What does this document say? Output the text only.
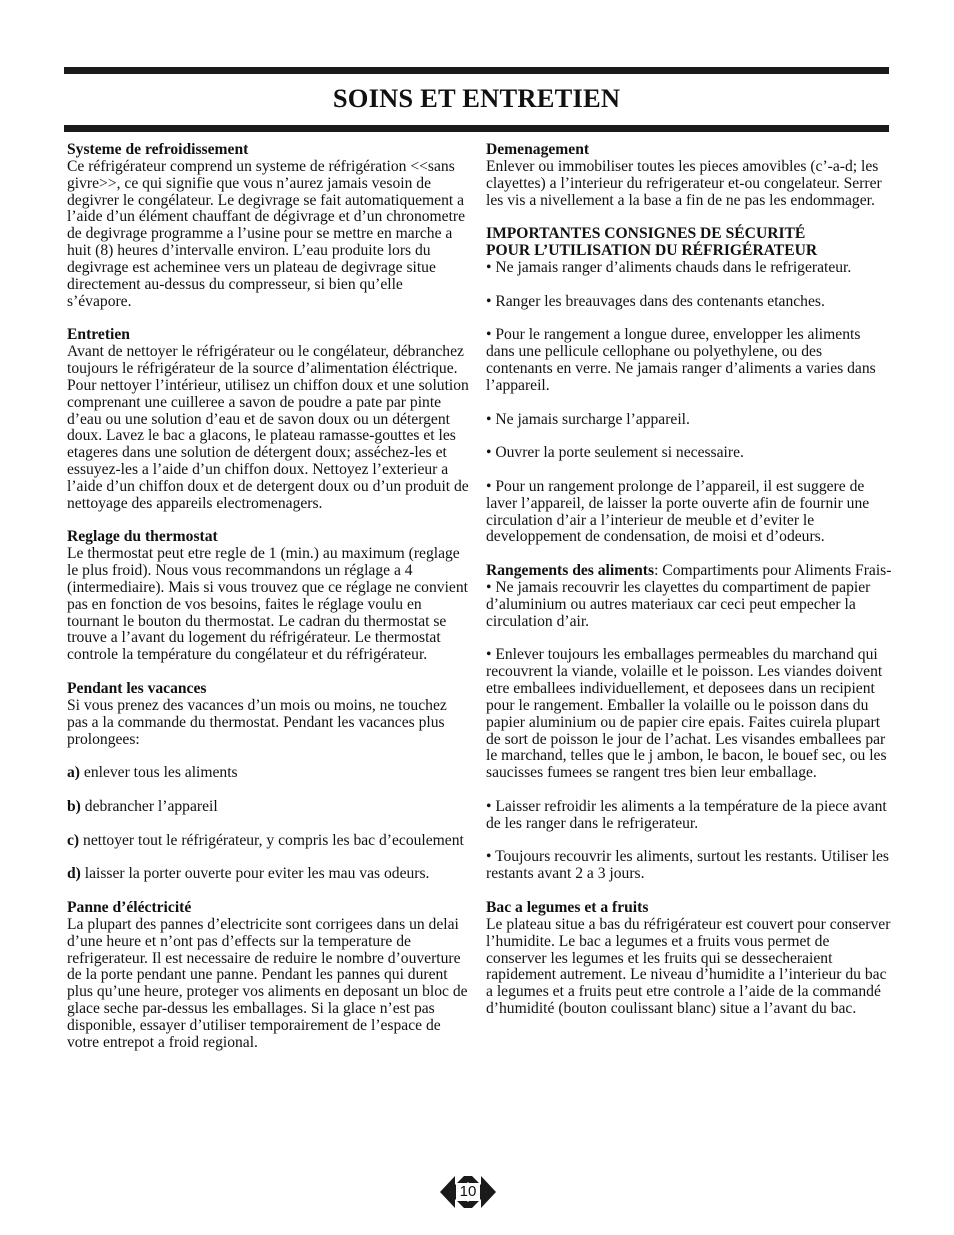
SOINS ET ENTRETIEN
Systeme de refroidissement

Ce réfrigérateur comprend un systeme de réfrigération <<sans givre>>, ce qui signifie que vous n’aurez jamais vesoin de degivrer le congélateur. Le degivrage se fait automatiquement a l’aide d’un élément chauffant de dégivrage et d’un chronometre de degivrage programme a l’usine pour se mettre en marche a huit (8) heures d’intervalle environ. L’eau produite lors du degivrage est acheminee vers un plateau de degivrage situe directement au-dessus du compresseur, si bien qu’elle s’évapore.

Entretien

Avant de nettoyer le réfrigérateur ou le congélateur, débranchez toujours le réfrigérateur de la source d’alimentation éléctrique. Pour nettoyer l’intérieur, utilisez un chiffon doux et une solution comprenant une cuilleree a savon de poudre a pate par pinte d’eau ou une solution d’eau et de savon doux ou un détergent doux. Lavez le bac a glacons, le plateau ramasse-gouttes et les etageres dans une solution de détergent doux; asséchez-les et essuyez-les a l’aide d’un chiffon doux. Nettoyez l’exterieur a l’aide d’un chiffon doux et de detergent doux ou d’un produit de nettoyage des appareils electromenagers.

Reglage du thermostat

Le thermostat peut etre regle de 1 (min.) au maximum (reglage le plus froid). Nous vous recommandons un réglage a 4 (intermediaire). Mais si vous trouvez que ce réglage ne convient pas en fonction de vos besoins, faites le réglage voulu en tournant le bouton du thermostat. Le cadran du thermostat se trouve a l’avant du logement du réfrigérateur. Le thermostat controle la température du congélateur et du réfrigérateur.

Pendant les vacances

Si vous prenez des vacances d’un mois ou moins, ne touchez pas a la commande du thermostat. Pendant les vacances plus prolongees:

a) enlever tous les aliments

b) debrancher l’appareil

c) nettoyer tout le réfrigérateur, y compris les bac d’ecoulement

d) laisser la porter ouverte pour eviter les mau vas odeurs.

Panne d’éléctricité

La plupart des pannes d’electricite sont corrigees dans un delai d’une heure et n’ont pas d’effects sur la temperature de refrigerateur. Il est necessaire de reduire le nombre d’ouverture de la porte pendant une panne. Pendant les pannes qui durent plus qu’une heure, proteger vos aliments en deposant un bloc de glace seche par-dessus les emballages. Si la glace n’est pas disponible, essayer d’utiliser temporairement de l’espace de votre entrepot a froid regional.

Demenagement

Enlever ou immobiliser toutes les pieces amovibles (c’-a-d; les clayettes) a l’interieur du refrigerateur et-ou congelateur. Serrer les vis a nivellement a la base a fin de ne pas les endommager.

IMPORTANTES CONSIGNES DE SÉCURITÉ
POUR L’UTILISATION DU RÉFRIGÉRATEUR

• Ne jamais ranger d’aliments chauds dans le refrigerateur.

• Ranger les breauvages dans des contenants etanches.

• Pour le rangement a longue duree, envelopper les aliments dans une pellicule cellophane ou polyethylene, ou des contenants en verre. Ne jamais ranger d’aliments a varies dans l’appareil.

• Ne jamais surcharge l’appareil.

• Ouvrer la porte seulement si necessaire.

• Pour un rangement prolonge de l’appareil, il est suggere de laver l’appareil, de laisser la porte ouverte afin de fournir une circulation d’air a l’interieur de meuble et d’eviter le developpement de condensation, de moisi et d’odeurs.

Rangements des aliments: Compartiments pour Aliments Frais-

• Ne jamais recouvrir les clayettes du compartiment de papier d’aluminium ou autres materiaux car ceci peut empecher la circulation d’air.

• Enlever toujours les emballages permeables du marchand qui recouvrent la viande, volaille et le poisson. Les viandes doivent etre emballees individuellement, et deposees dans un recipient pour le rangement. Emballer la volaille ou le poisson dans du papier aluminium ou de papier cire epais. Faites cuirela plupart de sort de poisson le jour de l’achat. Les visandes emballees par le marchand, telles que le j ambon, le bacon, le bouef sec, ou les saucisses fumees se rangent tres bien leur emballage.

• Laisser refroidir les aliments a la température de la piece avant de les ranger dans le refrigerateur.

• Toujours recouvrir les aliments, surtout les restants. Utiliser les restants avant 2 a 3 jours.

Bac a legumes et a fruits

Le plateau situe a bas du réfrigérateur est couvert pour conserver l’humidite. Le bac a legumes et a fruits vous permet de conserver les legumes et les fruits qui se dessecheraient rapidement autrement. Le niveau d’humidite a l’interieur du bac a legumes et a fruits peut etre controle a l’aide de la commandé d’humidité (bouton coulissant blanc) situe a l’avant du bac.

10
